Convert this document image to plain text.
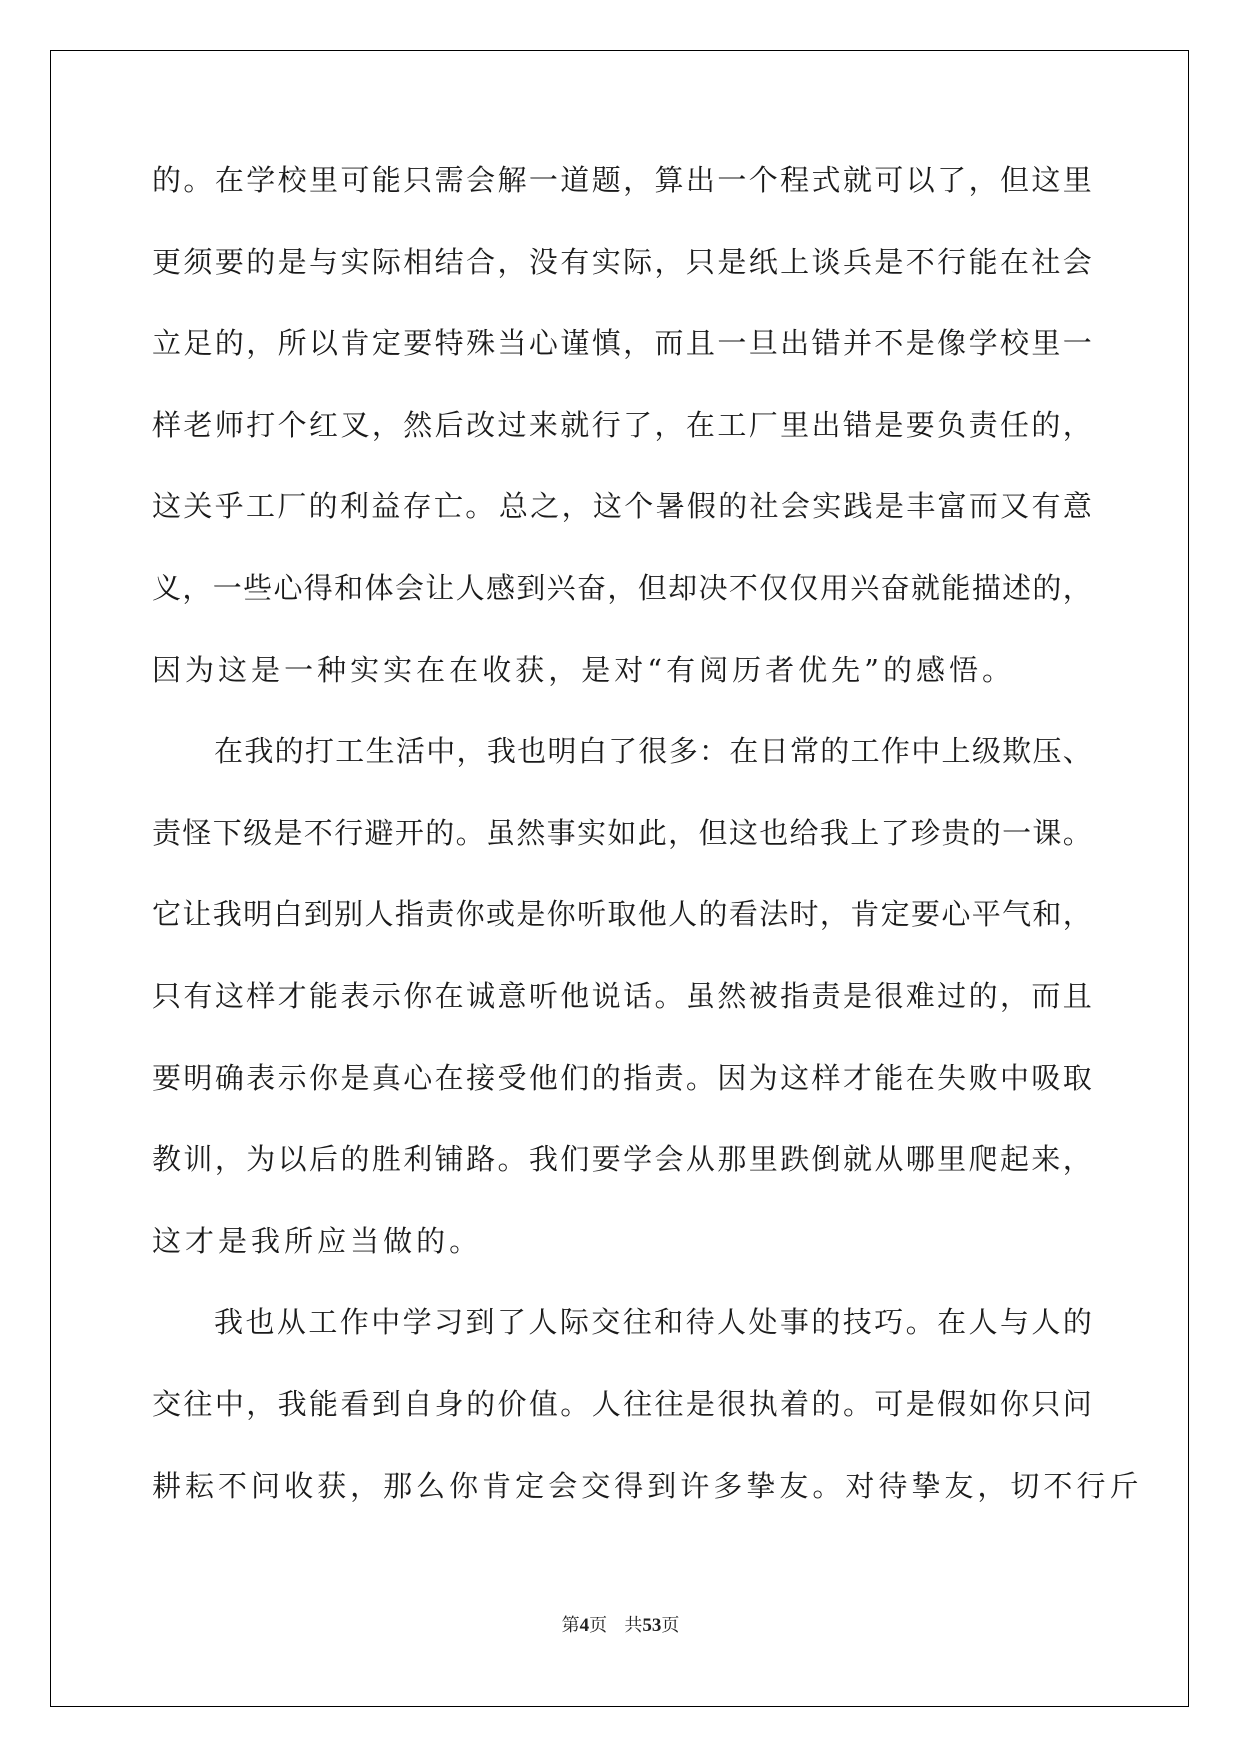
的 。 在 学 校 里 可 能 只 需 会 解 一 道 题 ， 算 出 一 个 程 式 就 可 以 了 ， 但 这 里
更 须 要 的 是 与 实 际 相 结 合 ， 没 有 实 际 ， 只 是 纸 上 谈 兵 是 不 行 能 在 社 会
立 足 的 ， 所 以 肯 定 要 特 殊 当 心 谨 慎 ， 而 且 一 旦 出 错 并 不 是 像 学 校 里 一
样 老 师 打 个 红 叉 ， 然 后 改 过 来 就 行 了 ， 在 工 厂 里 出 错 是 要 负 责 任 的 ，
这 关 乎 工 厂 的 利 益 存 亡 。 总 之 ， 这 个 暑 假 的 社 会 实 践 是 丰 富 而 又 有 意
义 ， 一 些 心 得 和 体 会 让 人 感 到 兴 奋 ， 但 却 决 不 仅 仅 用 兴 奋 就 能 描 述 的 ，
因 为 这 是 一 种 实 实 在 在 收 获 ， 是 对 “ 有 阅 历 者 优 先 ” 的 感 悟 。
在 我 的 打 工 生 活 中 ， 我 也 明 白 了 很 多 ： 在 日 常 的 工 作 中 上 级 欺 压 、
责 怪 下 级 是 不 行 避 开 的 。 虽 然 事 实 如 此 ， 但 这 也 给 我 上 了 珍 贵 的 一 课 。
它 让 我 明 白 到 别 人 指 责 你 或 是 你 听 取 他 人 的 看 法 时 ， 肯 定 要 心 平 气 和 ，
只 有 这 样 才 能 表 示 你 在 诚 意 听 他 说 话 。 虽 然 被 指 责 是 很 难 过 的 ， 而 且
要 明 确 表 示 你 是 真 心 在 接 受 他 们 的 指 责 。 因 为 这 样 才 能 在 失 败 中 吸 取
教 训 ， 为 以 后 的 胜 利 铺 路 。 我 们 要 学 会 从 那 里 跌 倒 就 从 哪 里 爬 起 来 ，
这 才 是 我 所 应 当 做 的 。
我 也 从 工 作 中 学 习 到 了 人 际 交 往 和 待 人 处 事 的 技 巧 。 在 人 与 人 的
交 往 中 ， 我 能 看 到 自 身 的 价 值 。 人 往 往 是 很 执 着 的 。 可 是 假 如 你 只 问
耕 耘 不 问 收 获 ， 那 么 你 肯 定 会 交 得 到 许 多 挚 友 。 对 待 挚 友 ， 切 不 行 斤
第4页 共53页
